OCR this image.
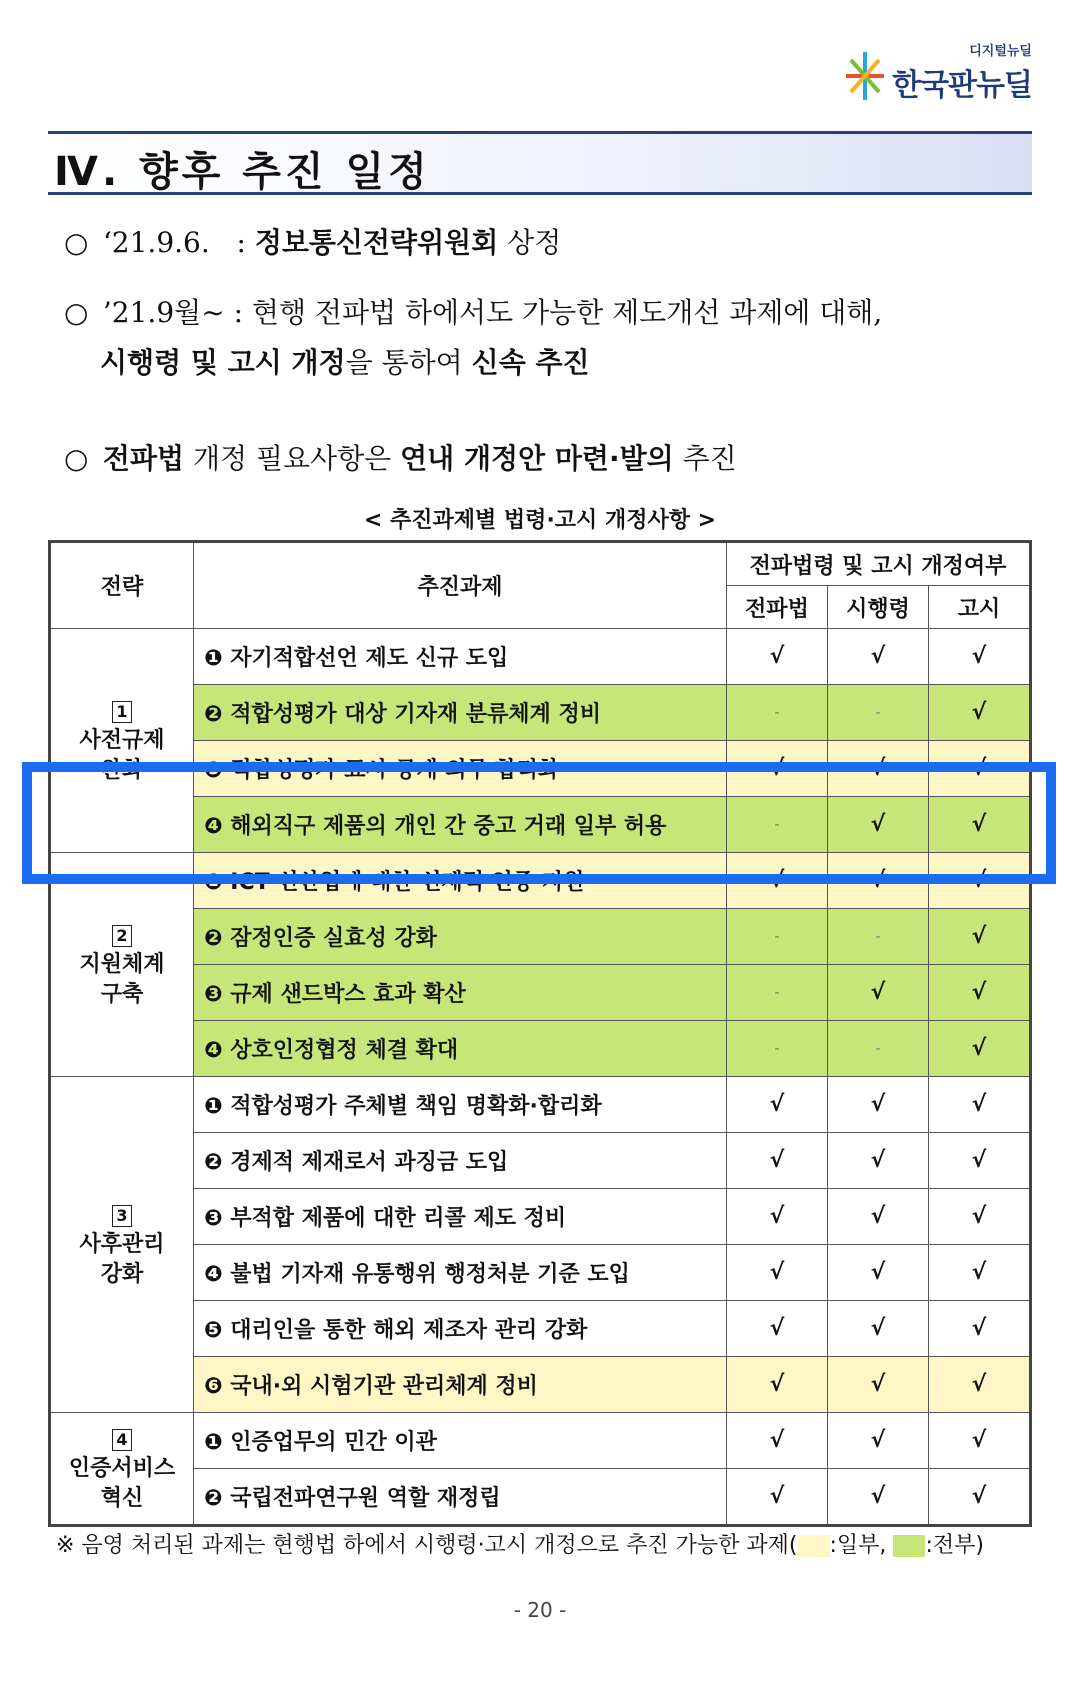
디지털뉴딜
한국판뉴딜
Ⅳ. 향후 추진 일정
○ ‘21.9.6. : 정보통신전략위원회 상정
○ ’21.9월∼ : 현행 전파법 하에서도 가능한 제도개선 과제에 대해,
시행령 및 고시 개정을 통하여 신속 추진
○ 전파법 개정 필요사항은 연내 개정안 마련·발의 추진
< 추진과제별 법령·고시 개정사항 >
전략	추진과제	전파법령 및 고시 개정여부		
		전파법	시행령	고시
1
사전규제
완화	❶ 자기적합선언 제도 신규 도입	√	√	√
	❷ 적합성평가 대상 기자재 분류체계 정비	-	-	√
	❸ 적합성평가 표시·공개 의무 합리화	√	√	√
	❹ 해외직구 제품의 개인 간 중고 거래 일부 허용	-	√	√
2
지원체계
구축	❶ ICT 신산업에 대한 선제적 인증 지원	√	√	√
	❷ 잠정인증 실효성 강화	-	-	√
	❸ 규제 샌드박스 효과 확산	-	√	√
	❹ 상호인정협정 체결 확대	-	-	√
3
사후관리
강화	❶ 적합성평가 주체별 책임 명확화·합리화	√	√	√
	❷ 경제적 제재로서 과징금 도입	√	√	√
	❸ 부적합 제품에 대한 리콜 제도 정비	√	√	√
	❹ 불법 기자재 유통행위 행정처분 기준 도입	√	√	√
	❺ 대리인을 통한 해외 제조자 관리 강화	√	√	√
	❻ 국내·외 시험기관 관리체계 정비	√	√	√
4
인증서비스
혁신	❶ 인증업무의 민간 이관	√	√	√
	❷ 국립전파연구원 역할 재정립	√	√	√
※ 음영 처리된 과제는 현행법 하에서 시행령·고시 개정으로 추진 가능한 과제( :일부, :전부)
- 20 -
